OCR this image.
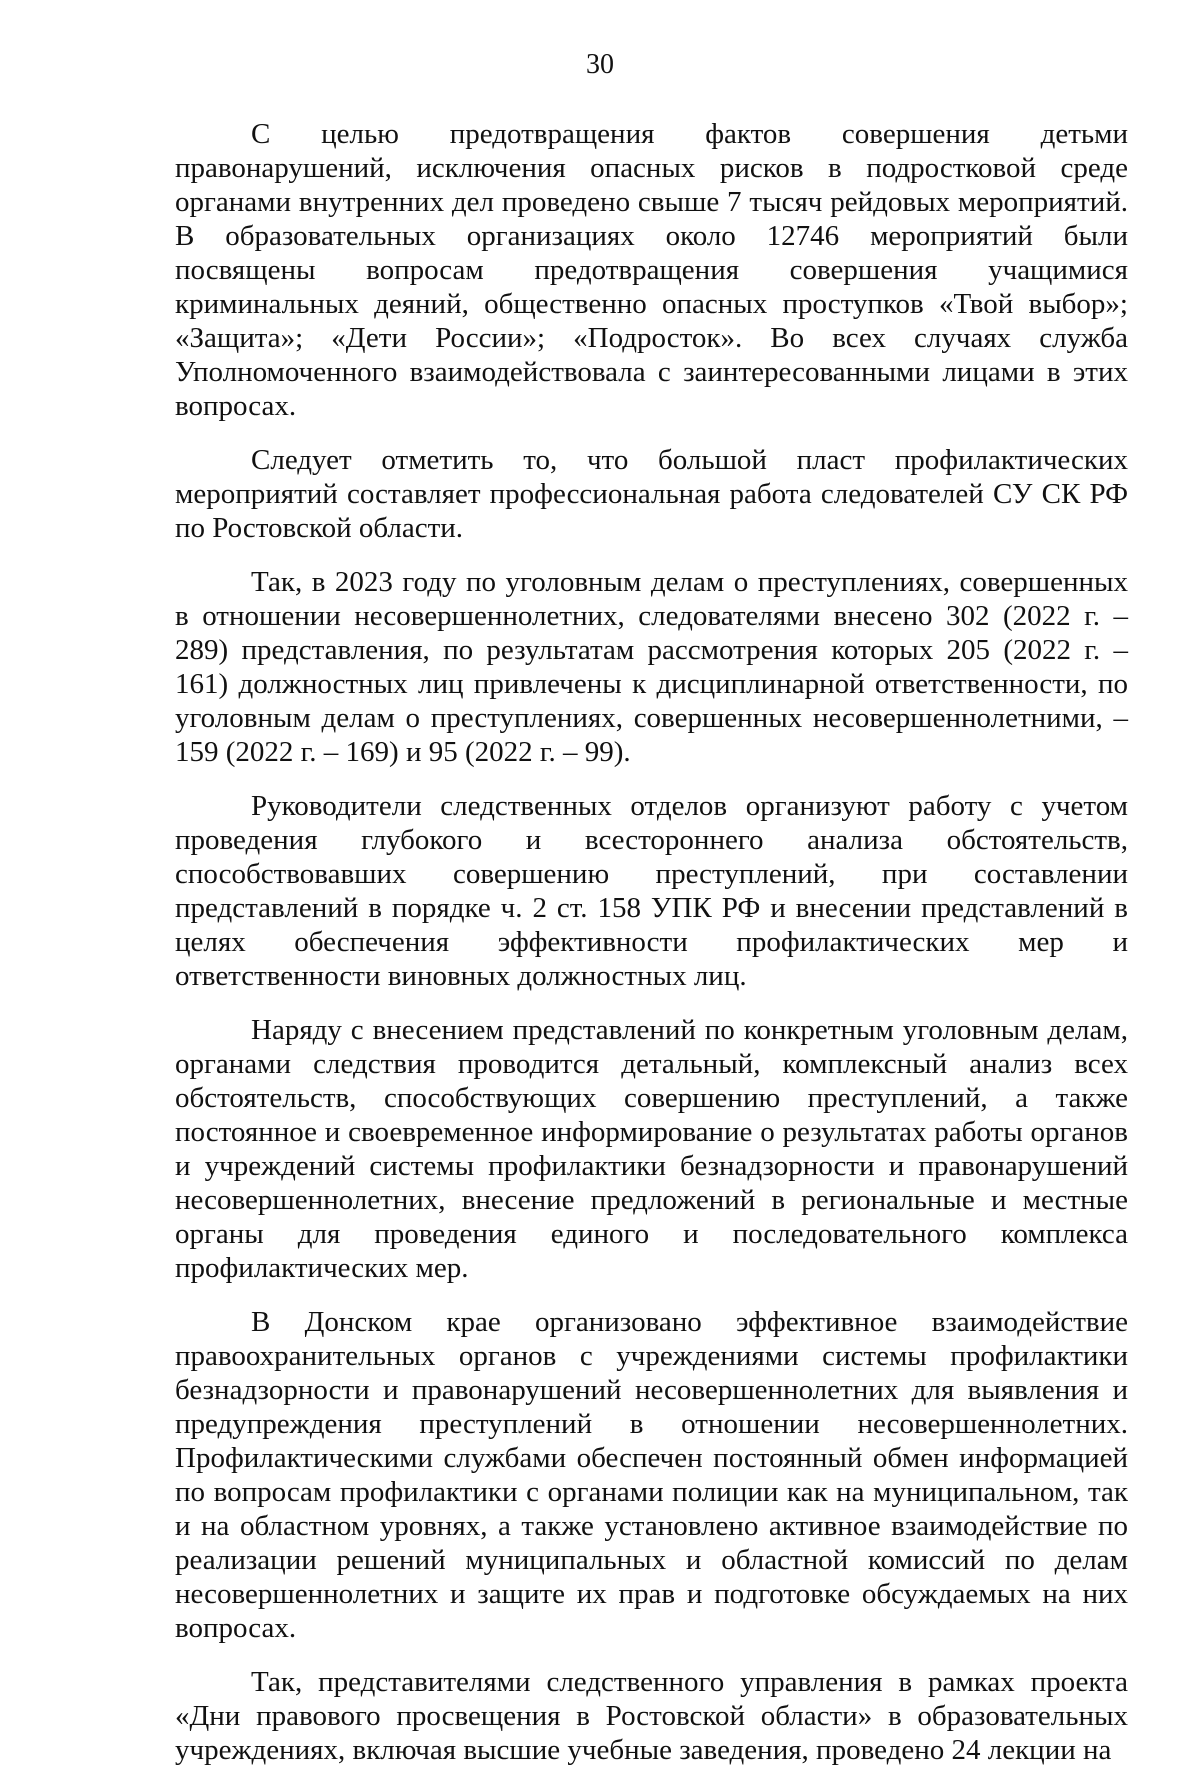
30

С целью предотвращения фактов совершения детьми правонарушений, исключения опасных рисков в подростковой среде органами внутренних дел проведено свыше 7 тысяч рейдовых мероприятий. В образовательных организациях около 12746 мероприятий были посвящены вопросам предотвращения совершения учащимися криминальных деяний, общественно опасных проступков «Твой выбор»; «Защита»; «Дети России»; «Подросток». Во всех случаях служба Уполномоченного взаимодействовала с заинтересованными лицами в этих вопросах.

Следует отметить то, что большой пласт профилактических мероприятий составляет профессиональная работа следователей СУ СК РФ по Ростовской области.

Так, в 2023 году по уголовным делам о преступлениях, совершенных в отношении несовершеннолетних, следователями внесено 302 (2022 г. – 289) представления, по результатам рассмотрения которых 205 (2022 г. – 161) должностных лиц привлечены к дисциплинарной ответственности, по уголовным делам о преступлениях, совершенных несовершеннолетними, – 159 (2022 г. – 169) и 95 (2022 г. – 99).

Руководители следственных отделов организуют работу с учетом проведения глубокого и всестороннего анализа обстоятельств, способствовавших совершению преступлений, при составлении представлений в порядке ч. 2 ст. 158 УПК РФ и внесении представлений в целях обеспечения эффективности профилактических мер и ответственности виновных должностных лиц.

Наряду с внесением представлений по конкретным уголовным делам, органами следствия проводится детальный, комплексный анализ всех обстоятельств, способствующих совершению преступлений, а также постоянное и своевременное информирование о результатах работы органов и учреждений системы профилактики безнадзорности и правонарушений несовершеннолетних, внесение предложений в региональные и местные органы для проведения единого и последовательного комплекса профилактических мер.

В Донском крае организовано эффективное взаимодействие правоохранительных органов с учреждениями системы профилактики безнадзорности и правонарушений несовершеннолетних для выявления и предупреждения преступлений в отношении несовершеннолетних. Профилактическими службами обеспечен постоянный обмен информацией по вопросам профилактики с органами полиции как на муниципальном, так и на областном уровнях, а также установлено активное взаимодействие по реализации решений муниципальных и областной комиссий по делам несовершеннолетних и защите их прав и подготовке обсуждаемых на них вопросах.

Так, представителями следственного управления в рамках проекта «Дни правового просвещения в Ростовской области» в образовательных учреждениях, включая высшие учебные заведения, проведено 24 лекции на
